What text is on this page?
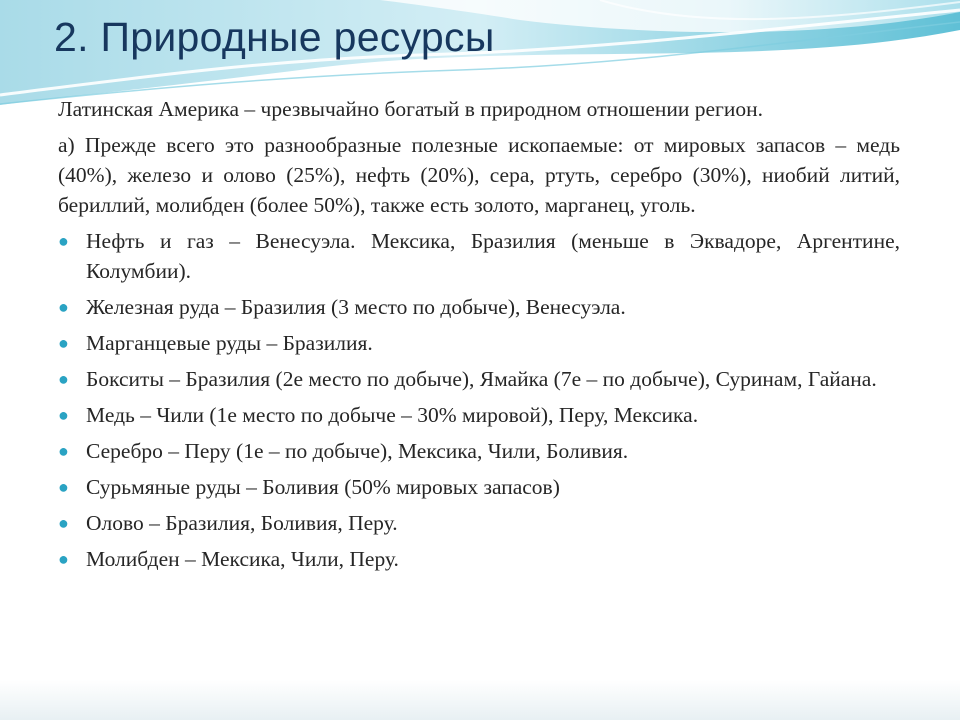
2. Природные ресурсы

Латинская Америка – чрезвычайно богатый в природном отношении регион.

а) Прежде всего это разнообразные полезные ископаемые: от мировых запасов – медь (40%), железо и олово (25%), нефть (20%), сера, ртуть, серебро (30%), ниобий литий, бериллий, молибден (более 50%), также есть золото, марганец, уголь.

● Нефть и газ – Венесуэла. Мексика, Бразилия (меньше в Эквадоре, Аргентине, Колумбии).
● Железная руда – Бразилия (3 место по добыче), Венесуэла.
● Марганцевые руды – Бразилия.
● Бокситы – Бразилия (2е место по добыче), Ямайка (7е – по добыче), Суринам, Гайана.
● Медь – Чили (1е место по добыче – 30% мировой), Перу, Мексика.
● Серебро – Перу (1е – по добыче), Мексика, Чили, Боливия.
● Сурьмяные руды – Боливия (50% мировых запасов)
● Олово – Бразилия, Боливия, Перу.
● Молибден – Мексика, Чили, Перу.
